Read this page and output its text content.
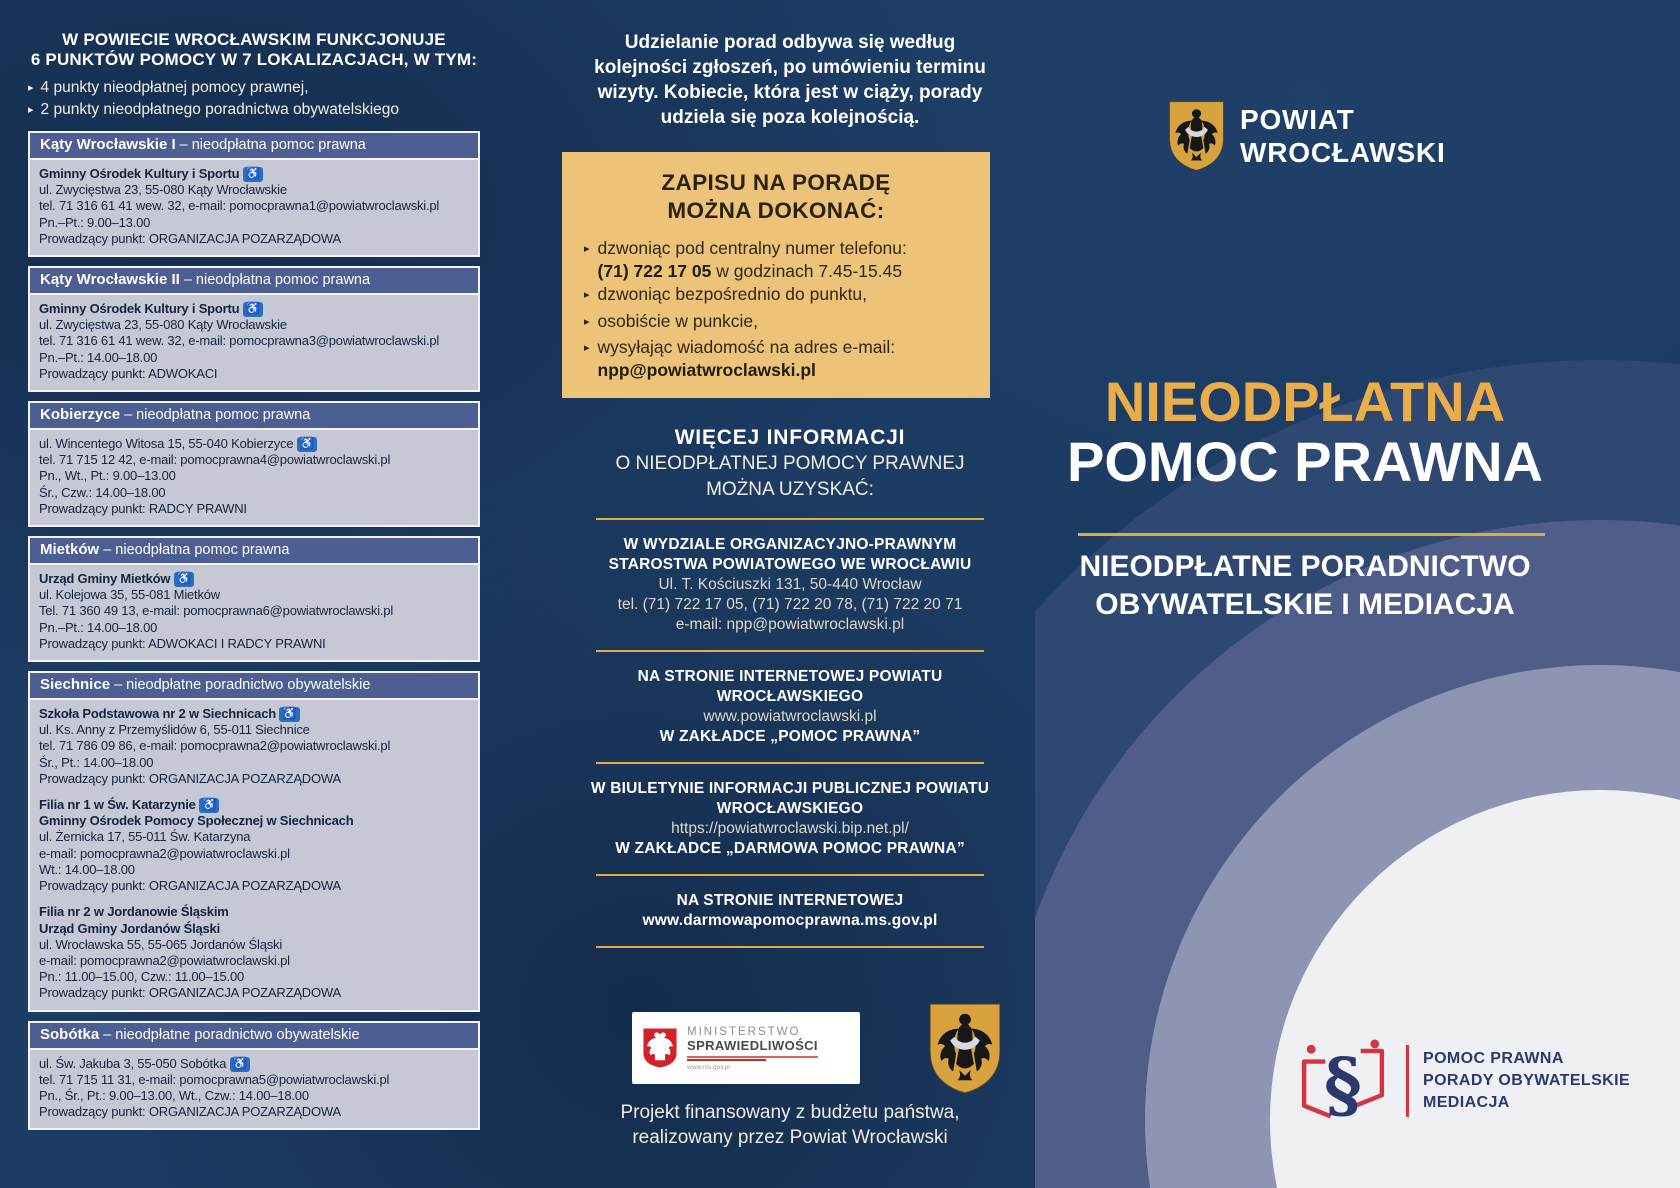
W POWIECIE WROCŁAWSKIM FUNKCJONUJE
6 PUNKTÓW POMOCY W 7 LOKALIZACJACH, W TYM:
▸ 4 punkty nieodpłatnej pomocy prawnej,
▸ 2 punkty nieodpłatnego poradnictwa obywatelskiego
Kąty Wrocławskie I – nieodpłatna pomoc prawna
Gminny Ośrodek Kultury i Sportu ♿
ul. Zwycięstwa 23, 55-080 Kąty Wrocławskie
tel. 71 316 61 41 wew. 32, e-mail: pomocprawna1@powiatwroclawski.pl
Pn.–Pt.: 9.00–13.00
Prowadzący punkt: ORGANIZACJA POZARZĄDOWA
Kąty Wrocławskie II – nieodpłatna pomoc prawna
Gminny Ośrodek Kultury i Sportu ♿
ul. Zwycięstwa 23, 55-080 Kąty Wrocławskie
tel. 71 316 61 41 wew. 32, e-mail: pomocprawna3@powiatwroclawski.pl
Pn.–Pt.: 14.00–18.00
Prowadzący punkt: ADWOKACI
Kobierzyce – nieodpłatna pomoc prawna
ul. Wincentego Witosa 15, 55-040 Kobierzyce ♿
tel. 71 715 12 42, e-mail: pomocprawna4@powiatwroclawski.pl
Pn., Wt., Pt.: 9.00–13.00
Śr., Czw.: 14.00–18.00
Prowadzący punkt: RADCY PRAWNI
Mietków – nieodpłatna pomoc prawna
Urząd Gminy Mietków ♿
ul. Kolejowa 35, 55-081 Mietków
Tel. 71 360 49 13, e-mail: pomocprawna6@powiatwroclawski.pl
Pn.–Pt.: 14.00–18.00
Prowadzący punkt: ADWOKACI I RADCY PRAWNI
Siechnice – nieodpłatne poradnictwo obywatelskie
Szkoła Podstawowa nr 2 w Siechnicach ♿
ul. Ks. Anny z Przemyślidów 6, 55-011 Siechnice
tel. 71 786 09 86, e-mail: pomocprawna2@powiatwroclawski.pl
Śr., Pt.: 14.00–18.00
Prowadzący punkt: ORGANIZACJA POZARZĄDOWA
Filia nr 1 w Św. Katarzynie ♿
Gminny Ośrodek Pomocy Społecznej w Siechnicach
ul. Żernicka 17, 55-011 Św. Katarzyna
e-mail: pomocprawna2@powiatwroclawski.pl
Wt.: 14.00–18.00
Prowadzący punkt: ORGANIZACJA POZARZĄDOWA
Filia nr 2 w Jordanowie Śląskim
Urząd Gminy Jordanów Śląski
ul. Wrocławska 55, 55-065 Jordanów Śląski
e-mail: pomocprawna2@powiatwroclawski.pl
Pn.: 11.00–15.00, Czw.: 11.00–15.00
Prowadzący punkt: ORGANIZACJA POZARZĄDOWA
Sobótka – nieodpłatne poradnictwo obywatelskie
ul. Św. Jakuba 3, 55-050 Sobótka ♿
tel. 71 715 11 31, e-mail: pomocprawna5@powiatwroclawski.pl
Pn., Śr., Pt.: 9.00–13.00, Wt., Czw.: 14.00–18.00
Prowadzący punkt: ORGANIZACJA POZARZĄDOWA
Udzielanie porad odbywa się według
kolejności zgłoszeń, po umówieniu terminu
wizyty. Kobiecie, która jest w ciąży, porady
udziela się poza kolejnością.
ZAPISU NA PORADĘ
MOŻNA DOKONAĆ:
▸ dzwoniąc pod centralny numer telefonu:
(71) 722 17 05 w godzinach 7.45-15.45
▸ dzwoniąc bezpośrednio do punktu,
▸ osobiście w punkcie,
▸ wysyłając wiadomość na adres e-mail:
npp@powiatwroclawski.pl
WIĘCEJ INFORMACJI
O NIEODPŁATNEJ POMOCY PRAWNEJ
MOŻNA UZYSKAĆ:
W WYDZIALE ORGANIZACYJNO-PRAWNYM
STAROSTWA POWIATOWEGO WE WROCŁAWIU
Ul. T. Kościuszki 131, 50-440 Wrocław
tel. (71) 722 17 05, (71) 722 20 78, (71) 722 20 71
e-mail: npp@powiatwroclawski.pl
NA STRONIE INTERNETOWEJ POWIATU
WROCŁAWSKIEGO
www.powiatwroclawski.pl
W ZAKŁADCE „POMOC PRAWNA”
W BIULETYNIE INFORMACJI PUBLICZNEJ POWIATU
WROCŁAWSKIEGO
https://powiatwroclawski.bip.net.pl/
W ZAKŁADCE „DARMOWA POMOC PRAWNA”
NA STRONIE INTERNETOWEJ
www.darmowapomocprawna.ms.gov.pl
MINISTERSTWO
SPRAWIEDLIWOŚCI
www.ms.gov.pl
Projekt finansowany z budżetu państwa,
realizowany przez Powiat Wrocławski
POWIAT
WROCŁAWSKI
NIEODPŁATNA
POMOC PRAWNA
NIEODPŁATNE PORADNICTWO
OBYWATELSKIE I MEDIACJA
§	POMOC PRAWNA
PORADY OBYWATELSKIE
MEDIACJA
